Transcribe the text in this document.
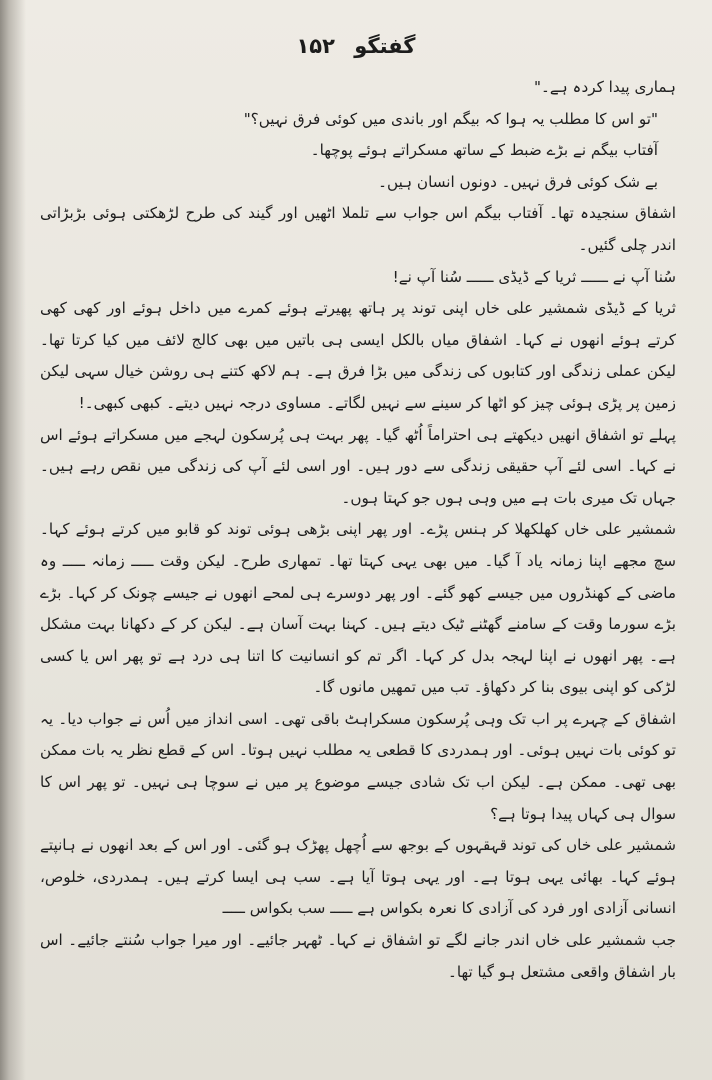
گفتگو ۱۵۲

ہماری پیدا کردہ ہے۔"

"تو اس کا مطلب یہ ہوا کہ بیگم اور باندی میں کوئی فرق نہیں؟"

آفتاب بیگم نے بڑے ضبط کے ساتھ مسکراتے ہوئے پوچھا۔

بے شک کوئی فرق نہیں۔ دونوں انسان ہیں۔

اشفاق سنجیدہ تھا۔ آفتاب بیگم اس جواب سے تلملا اٹھیں اور گیند کی طرح لڑھکتی ہوئی بڑبڑاتی اندر چلی گئیں۔

سُنا آپ نے ــــــ ثریا کے ڈیڈی ــــــ سُنا آپ نے!

ثریا کے ڈیڈی شمشیر علی خاں اپنی توند پر ہاتھ پھیرتے ہوئے کمرے میں داخل ہوئے اور کھی کھی کرتے ہوئے انھوں نے کہا۔ اشفاق میاں بالکل ایسی ہی باتیں میں بھی کالج لائف میں کیا کرتا تھا۔ لیکن عملی زندگی اور کتابوں کی زندگی میں بڑا فرق ہے۔ ہم لاکھ کتنے ہی روشن خیال سہی لیکن زمین پر پڑی ہوئی چیز کو اٹھا کر سینے سے نہیں لگاتے۔ مساوی درجہ نہیں دیتے۔ کبھی کبھی۔!

پہلے تو اشفاق انھیں دیکھتے ہی احتراماً اُٹھ گیا۔ پھر بہت ہی پُرسکون لہجے میں مسکراتے ہوئے اس نے کہا۔ اسی لئے آپ حقیقی زندگی سے دور ہیں۔ اور اسی لئے آپ کی زندگی میں نقص رہے ہیں۔ جہاں تک میری بات ہے میں وہی ہوں جو کہتا ہوں۔

شمشیر علی خاں کھلکھلا کر ہنس پڑے۔ اور پھر اپنی بڑھی ہوئی توند کو قابو میں کرتے ہوئے کہا۔ سچ مجھے اپنا زمانہ یاد آ گیا۔ میں بھی یہی کہتا تھا۔ تمھاری طرح۔ لیکن وقت ـــــ زمانہ ـــــ وہ ماضی کے کھنڈروں میں جیسے کھو گئے۔ اور پھر دوسرے ہی لمحے انھوں نے جیسے چونک کر کہا۔ بڑے بڑے سورما وقت کے سامنے گھٹنے ٹیک دیتے ہیں۔ کہنا بہت آسان ہے۔ لیکن کر کے دکھانا بہت مشکل ہے۔ پھر انھوں نے اپنا لہجہ بدل کر کہا۔ اگر تم کو انسانیت کا اتنا ہی درد ہے تو پھر اس یا کسی لڑکی کو اپنی بیوی بنا کر دکھاؤ۔ تب میں تمھیں مانوں گا۔

اشفاق کے چہرے پر اب تک وہی پُرسکون مسکراہٹ باقی تھی۔ اسی انداز میں اُس نے جواب دیا۔ یہ تو کوئی بات نہیں ہوئی۔ اور ہمدردی کا قطعی یہ مطلب نہیں ہوتا۔ اس کے قطع نظر یہ بات ممکن بھی تھی۔ ممکن ہے۔ لیکن اب تک شادی جیسے موضوع پر میں نے سوچا ہی نہیں۔ تو پھر اس کا سوال ہی کہاں پیدا ہوتا ہے؟

شمشیر علی خاں کی توند قہقہوں کے بوجھ سے اُچھل پھڑک ہو گئی۔ اور اس کے بعد انھوں نے ہانپتے ہوئے کہا۔ بھائی یہی ہوتا ہے۔ اور یہی ہوتا آیا ہے۔ سب ہی ایسا کرتے ہیں۔ ہمدردی، خلوص، انسانی آزادی اور فرد کی آزادی کا نعرہ بکواس ہے ـــــ سب بکواس ـــــ

جب شمشیر علی خاں اندر جانے لگے تو اشفاق نے کہا۔ ٹھہر جائیے۔ اور میرا جواب سُنتے جائیے۔ اس بار اشفاق واقعی مشتعل ہو گیا تھا۔
